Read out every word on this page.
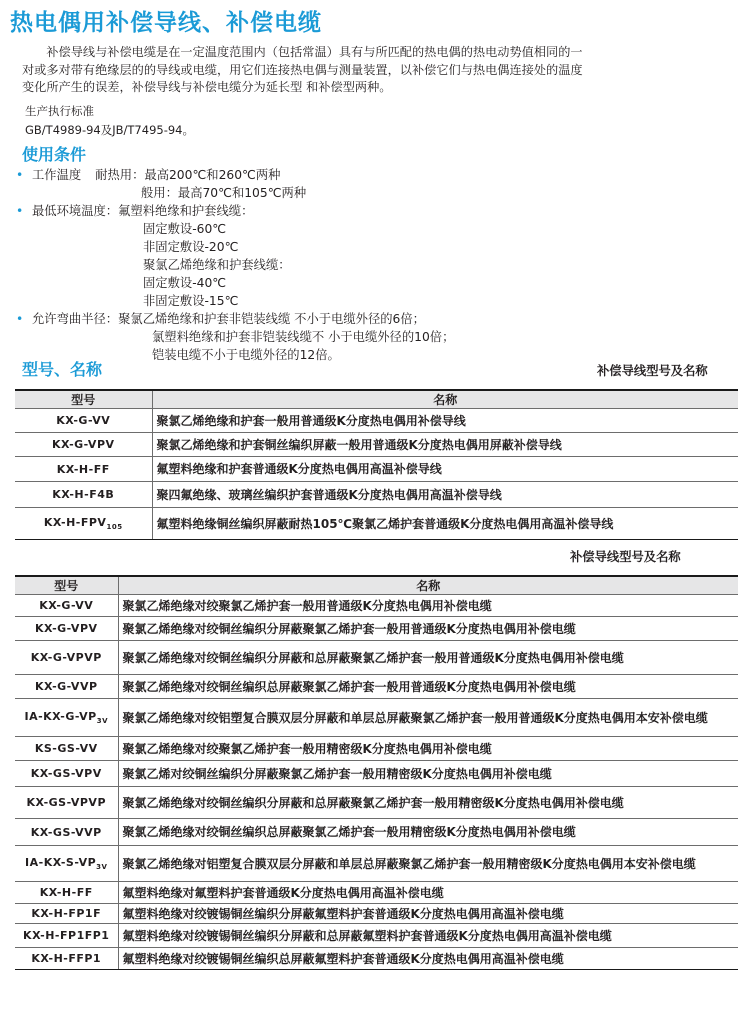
热电偶用补偿导线、补偿电缆
　　补偿导线与补偿电缆是在一定温度范围内（包括常温）具有与所匹配的热电偶的热电动势值相同的一
对或多对带有绝缘层的的导线或电缆，用它们连接热电偶与测量装置，以补偿它们与热电偶连接处的温度
变化所产生的误差，补偿导线与补偿电缆分为延长型 和补偿型两种。
生产执行标准
GB/T4989-94及JB/T7495-94。
使用条件
• 工作温度 耐热用：最高200℃和260℃两种
般用：最高70℃和105℃两种
• 最低环境温度：氟塑料绝缘和护套线缆：
固定敷设-60℃
非固定敷设-20℃
聚氯乙烯绝缘和护套线缆：
固定敷设-40℃
非固定敷设-15℃
• 允许弯曲半径：聚氯乙烯绝缘和护套非铠装线缆 不小于电缆外径的6倍；
氯塑料绝缘和护套非铠装线缆不 小于电缆外径的10倍；
铠装电缆不小于电缆外径的12倍。
型号、名称	补偿导线型号及名称
型号	名称
KX-G-VV	聚氯乙烯绝缘和护套一般用普通级K分度热电偶用补偿导线

KX-G-VPV	聚氯乙烯绝缘和护套铜丝编织屏蔽一般用普通级K分度热电偶用屏蔽补偿导线

KX-H-FF	氟塑料绝缘和护套普通级K分度热电偶用高温补偿导线

KX-H-F4B	聚四氟绝缘、玻璃丝编织护套普通级K分度热电偶用高温补偿导线

$KX-H-FPV_{105}$	氟塑料绝缘铜丝编织屏蔽耐热105℃聚氯乙烯护套普通级K分度热电偶用高温补偿导线
补偿导线型号及名称
型号	名称
KX-G-VV	聚氯乙烯绝缘对绞聚氯乙烯护套一般用普通级K分度热电偶用补偿电缆

KX-G-VPV	聚氯乙烯绝缘对绞铜丝编织分屏蔽聚氯乙烯护套一般用普通级K分度热电偶用补偿电缆

KX-G-VPVP	聚氯乙烯绝缘对绞铜丝编织分屏蔽和总屏蔽聚氯乙烯护套一般用普通级K分度热电偶用补偿电缆

KX-G-VVP	聚氯乙烯绝缘对绞铜丝编织总屏蔽聚氯乙烯护套一般用普通级K分度热电偶用补偿电缆

$IA-KX-G-VP_{3V}$	聚氯乙烯绝缘对绞铝塑复合膜双层分屏蔽和单层总屏蔽聚氯乙烯护套一般用普通级K分度热电偶用本安补偿电缆

KS-GS-VV	聚氯乙烯绝缘对绞聚氯乙烯护套一般用精密级K分度热电偶用补偿电缆

KX-GS-VPV	聚氯乙烯对绞铜丝编织分屏蔽聚氯乙烯护套一般用精密级K分度热电偶用补偿电缆

KX-GS-VPVP	聚氯乙烯绝缘对绞铜丝编织分屏蔽和总屏蔽聚氯乙烯护套一般用精密级K分度热电偶用补偿电缆

KX-GS-VVP	聚氯乙烯绝缘对绞铜丝编织总屏蔽聚氯乙烯护套一般用精密级K分度热电偶用补偿电缆

$IA-KX-S-VP_{3V}$	聚氯乙烯绝缘对铝塑复合膜双层分屏蔽和单层总屏蔽聚氯乙烯护套一般用精密级K分度热电偶用本安补偿电缆

KX-H-FF	氟塑料绝缘对氟塑料护套普通级K分度热电偶用高温补偿电缆

KX-H-FP1F	氟塑料绝缘对绞镀锡铜丝编织分屏蔽氟塑料护套普通级K分度热电偶用高温补偿电缆

KX-H-FP1FP1	氟塑料绝缘对绞镀锡铜丝编织分屏蔽和总屏蔽氟塑料护套普通级K分度热电偶用高温补偿电缆

KX-H-FFP1	氟塑料绝缘对绞镀锡铜丝编织总屏蔽氟塑料护套普通级K分度热电偶用高温补偿电缆
